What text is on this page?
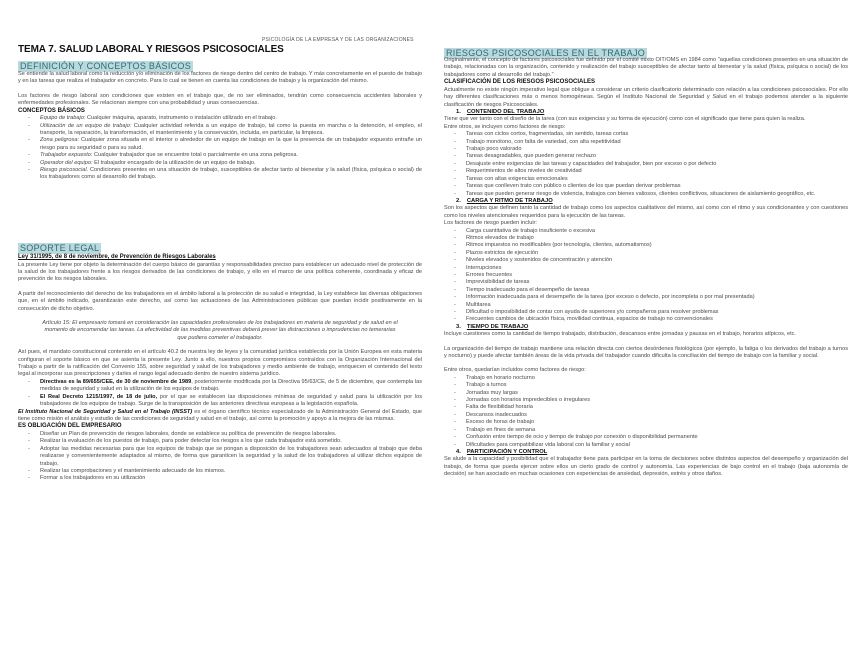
PSICOLOGÍA DE LA EMPRESA Y DE LAS ORGANIZACIONES
TEMA 7. SALUD LABORAL Y RIESGOS PSICOSOCIALES
DEFINICIÓN Y CONCEPTOS BÁSICOS

Se entiende la salud laboral como la reducción y/o eliminación de los factores de riesgo dentro del centro de trabajo. Y más concretamente en el puesto de trabajo y en las tareas que realiza el trabajador en concreto. Para lo cual se tienen en cuenta las condiciones de trabajo y la organización del mismo.

Los factores de riesgo laboral son condiciones que existen en el trabajo que, de no ser eliminados, tendrán como consecuencia accidentes laborales y enfermedades profesionales. Se relacionan siempre con una probabilidad y unas consecuencias.

CONCEPTOS BÁSICOS
- Equipo de trabajo: Cualquier máquina, aparato, instrumento o instalación utilizado en el trabajo.
- Utilización de un equipo de trabajo: Cualquier actividad referida a un equipo de trabajo, tal como la puesta en marcha o la detención, el empleo, el transporte, la reparación, la transformación, el mantenimiento y la conservación, incluida, en particular, la limpieza.
- Zona peligrosa: Cualquier zona situada en el interior o alrededor de un equipo de trabajo en la que la presencia de un trabajador expuesto entrañe un riesgo para su seguridad o para su salud.
- Trabajador expuesto: Cualquier trabajador que se encuentre total o parcialmente en una zona peligrosa.
- Operador del equipo: El trabajador encargado de la utilización de un equipo de trabajo.
- Riesgo psicosocial. Condiciones presentes en una situación de trabajo, susceptibles de afectar tanto al bienestar y la salud (física, psíquica o social) de los trabajadores como al desarrollo del trabajo.
SOPORTE LEGAL
Ley 31/1995, de 8 de noviembre, de Prevención de Riesgos Laborales

La presente Ley tiene por objeto la determinación del cuerpo básico de garantías y responsabilidades preciso para establecer un adecuado nivel de protección de la salud de los trabajadores frente a los riesgos derivados de las condiciones de trabajo, y ello en el marco de una política coherente, coordinada y eficaz de prevención de los riesgos laborales.

A partir del reconocimiento del derecho de los trabajadores en el ámbito laboral a la protección de su salud e integridad, la Ley establece las diversas obligaciones que, en el ámbito indicado, garantizarán este derecho, así como las actuaciones de las Administraciones públicas que puedan incidir positivamente en la consecución de dicho objetivo.

Artículo 15: El empresario tomará en consideración las capacidades profesionales de los trabajadores en materia de seguridad y de salud en el momento de encomendar las tareas. La efectividad de las medidas preventivas deberá prever las distracciones o imprudencias no temerarias que pudiera cometer el trabajador.

Así pues, el mandato constitucional contenido en el artículo 40.2 de nuestra ley de leyes y la comunidad jurídica establecida por la Unión Europea en esta materia configuran el soporte básico en que se asienta la presente Ley. Junto a ello, nuestros propios compromisos contraídos con la Organización Internacional del Trabajo a partir de la ratificación del Convenio 155, sobre seguridad y salud de los trabajadores y medio ambiente de trabajo, enriquecen el contenido del texto legal al incorporar sus prescripciones y darles el rango legal adecuado dentro de nuestro sistema jurídico.

- Directivas es la 89/655/CEE, de 30 de noviembre de 1989, posteriormente modificada por la Directiva 95/63/CE, de 5 de diciembre, que contempla las medidas de seguridad y salud en la utilización de los equipos de trabajo.
- El Real Decreto 1215/1997, de 18 de julio, por el que se establecen las disposiciones mínimas de seguridad y salud para la utilización por los trabajadores de los equipos de trabajo. Surge de la transposición de las anteriores directivas europeas a la legislación española.

El Instituto Nacional de Seguridad y Salud en el Trabajo (INSST) es el órgano científico técnico especializado de la Administración General del Estado, que tiene como misión el análisis y estudio de las condiciones de seguridad y salud en el trabajo, así como la promoción y apoyo a la mejora de las mismas.

ES OBLIGACIÓN DEL EMPRESARIO
- Diseñar un Plan de prevención de riesgos laborales, donde se establece su política de prevención de riesgos laborales.
- Realizar la evaluación de los puestos de trabajo, para poder detectar los riesgos a los que cada trabajador está sometido.
- Adoptar las medidas necesarias para que los equipos de trabajo que se pongan a disposición de los trabajadores sean adecuados al trabajo que deba realizarse y convenientemente adaptados al mismo, de forma que garanticen la seguridad y la salud de los trabajadores al utilizar dichos equipos de trabajo.
- Realizar las comprobaciones y el mantenimiento adecuado de los mismos.
- Formar a los trabajadores en su utilización
RIESGOS PSICOSOCIALES EN EL TRABAJO

Originalmente, el concepto de factores psicosociales fue definido por el comité mixto OIT/OMS en 1984 como "aquellas condiciones presentes en una situación de trabajo, relacionadas con la organización, contenido y realización del trabajo susceptibles de afectar tanto al bienestar y la salud (física, psíquica o social) de los trabajadores como al desarrollo del trabajo."

CLASIFICACIÓN DE LOS RIESGOS PSICOSOCIALES

Actualmente no existe ningún imperativo legal que obligue a considerar un criterio clasificatorio determinado con relación a las condiciones psicosociales. Por ello hay diferentes clasificaciones más o menos homogéneas. Según el Instituto Nacional de Seguridad y Salud en el trabajo podemos atender a la siguiente clasificación de riesgos Psicosociales.

1. CONTENIDO DEL TRABAJO

Tiene que ver tanto con el diseño de la tarea (con sus exigencias y su forma de ejecución) como con el significado que tiene para quien la realiza.

Entre otros, se incluyen como factores de riesgo:

- Tareas con ciclos cortos, fragmentadas, sin sentido, tareas cortas
- Trabajo monótono, con falta de variedad, con alta repetitividad
- Trabajo poco valorado
- Tareas desagradables, que pueden generar rechazo
- Desajuste entre exigencias de las tareas y capacidades del trabajador, bien por exceso o por defecto
- Requerimientos de altos niveles de creatividad
- Tareas con altas exigencias emocionales
- Tareas que conlleven trato con público o clientes de los que puedan derivar problemas
- Tareas que pueden generar riesgo de violencia, trabajos con bienes valiosos, clientes conflictivos, situaciones de aislamiento geográfico, etc.
2. CARGA Y RITMO DE TRABAJO

Son los aspectos que definen tanto la cantidad de trabajo como los aspectos cualitativos del mismo, así como con el ritmo y sus condicionantes y con cuestiones como los niveles atencionales requeridos para la ejecución de las tareas.

Los factores de riesgo pueden incluir:

- Carga cuantitativa de trabajo insuficiente o excesiva
- Ritmos elevados de trabajo
- Ritmos impuestos no modificables (por tecnología, clientes, automatismos)
- Plazos estrictos de ejecución
- Niveles elevados y sostenidos de concentración y atención
- Interrupciones
- Errores frecuentes
- Imprevisibilidad de tareas
- Tiempo inadecuado para el desempeño de tareas
- Información inadecuada para el desempeño de la tarea (por exceso o defecto, por incompleta o por mal presentada)
- Multitarea
- Dificultad o imposibilidad de contar con ayuda de superiores y/o compañeros para resolver problemas
- Frecuentes cambios de ubicación física, movilidad continua, espacios de trabajo no convencionales
3. TIEMPO DE TRABAJO

Incluye cuestiones como la cantidad de tiempo trabajado, distribución, descansos entre jornadas y pausas en el trabajo, horarios atípicos, etc.

La organización del tiempo de trabajo mantiene una relación directa con ciertos desórdenes fisiológicos (por ejemplo, la fatiga o los derivados del trabajo a turnos y nocturno) y puede afectar también áreas de la vida privada del trabajador cuando dificulta la conciliación del tiempo de trabajo con la familiar y social.

Entre otros, quedarían incluidos como factores de riesgo:

- Trabajo en horario nocturno
- Trabajo a turnos
- Jornadas muy largas
- Jornadas con horarios impredecibles o irregulares
- Falta de flexibilidad horaria
- Descansos inadecuados
- Exceso de horas de trabajo
- Trabajo en fines de semana
- Confusión entre tiempo de ocio y tiempo de trabajo por conexión o disponibilidad permanente
- Dificultades para compatibilizar vida laboral con la familiar y social
4. PARTICIPACIÓN Y CONTROL

Se alude a la capacidad y posibilidad que el trabajador tiene para participar en la toma de decisiones sobre distintos aspectos del desempeño y organización del trabajo, de forma que pueda ejercer sobre ellos un cierto grado de control y autonomía. Las experiencias de bajo control en el trabajo (baja autonomía de decisión) se han asociado en muchas ocasiones con experiencias de ansiedad, depresión, estrés y otros daños.
